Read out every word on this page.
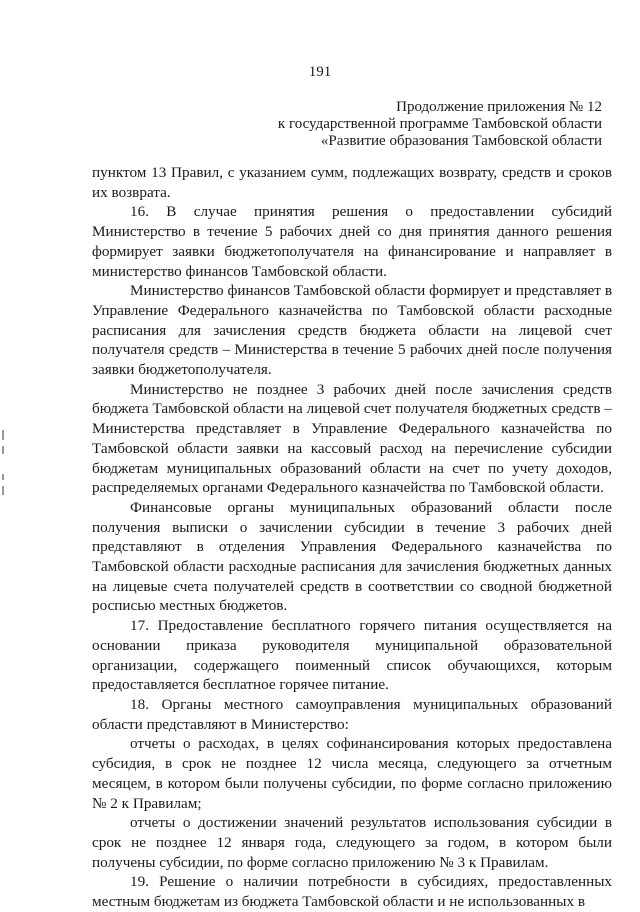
191
Продолжение приложения № 12
к государственной программе Тамбовской области
«Развитие образования Тамбовской области

пунктом 13 Правил, с указанием сумм, подлежащих возврату, средств и сроков их возврата.

16. В случае принятия решения о предоставлении субсидий Министерство в течение 5 рабочих дней со дня принятия данного решения формирует заявки бюджетополучателя на финансирование и направляет в министерство финансов Тамбовской области.

Министерство финансов Тамбовской области формирует и представляет в Управление Федерального казначейства по Тамбовской области расходные расписания для зачисления средств бюджета области на лицевой счет получателя средств – Министерства в течение 5 рабочих дней после получения заявки бюджетополучателя.

Министерство не позднее 3 рабочих дней после зачисления средств бюджета Тамбовской области на лицевой счет получателя бюджетных средств – Министерства представляет в Управление Федерального казначейства по Тамбовской области заявки на кассовый расход на перечисление субсидии бюджетам муниципальных образований области на счет по учету доходов, распределяемых органами Федерального казначейства по Тамбовской области.

Финансовые органы муниципальных образований области после получения выписки о зачислении субсидии в течение 3 рабочих дней представляют в отделения Управления Федерального казначейства по Тамбовской области расходные расписания для зачисления бюджетных данных на лицевые счета получателей средств в соответствии со сводной бюджетной росписью местных бюджетов.

17. Предоставление бесплатного горячего питания осуществляется на основании приказа руководителя муниципальной образовательной организации, содержащего поименный список обучающихся, которым предоставляется бесплатное горячее питание.

18. Органы местного самоуправления муниципальных образований области представляют в Министерство:

отчеты о расходах, в целях софинансирования которых предоставлена субсидия, в срок не позднее 12 числа месяца, следующего за отчетным месяцем, в котором были получены субсидии, по форме согласно приложению № 2 к Правилам;

отчеты о достижении значений результатов использования субсидии в срок не позднее 12 января года, следующего за годом, в котором были получены субсидии, по форме согласно приложению № 3 к Правилам.

19. Решение о наличии потребности в субсидиях, предоставленных местным бюджетам из бюджета Тамбовской области и не использованных в
